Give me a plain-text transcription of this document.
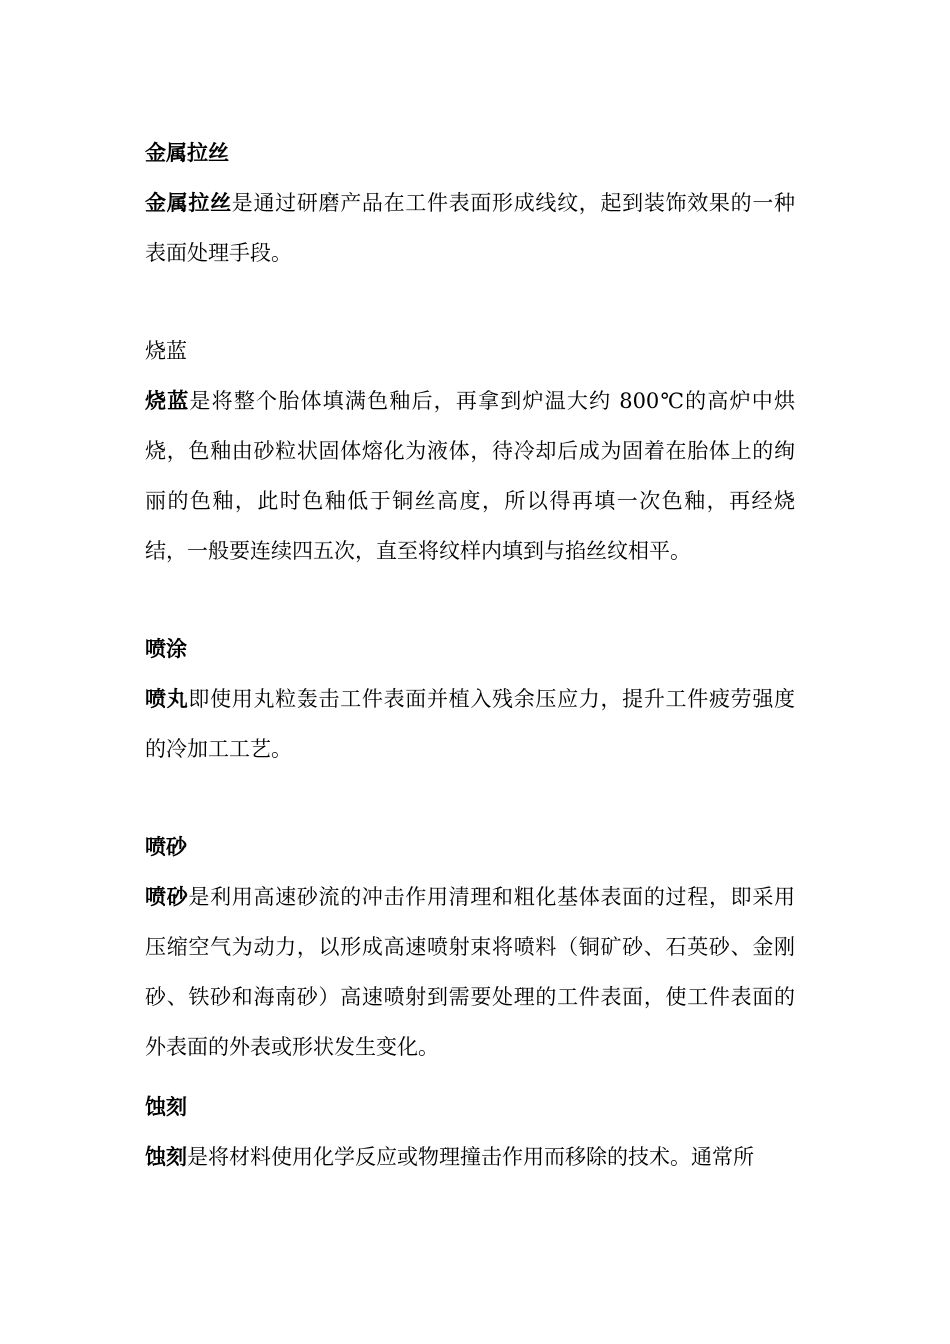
金属拉丝

金属拉丝是通过研磨产品在工件表面形成线纹，起到装饰效果的一种表面处理手段。

烧蓝

烧蓝是将整个胎体填满色釉后，再拿到炉温大约 800℃的高炉中烘烧，色釉由砂粒状固体熔化为液体，待冷却后成为固着在胎体上的绚丽的色釉，此时色釉低于铜丝高度，所以得再填一次色釉，再经烧结，一般要连续四五次，直至将纹样内填到与掐丝纹相平。

喷涂

喷丸即使用丸粒轰击工件表面并植入残余压应力，提升工件疲劳强度的冷加工工艺。

喷砂

喷砂是利用高速砂流的冲击作用清理和粗化基体表面的过程，即采用压缩空气为动力，以形成高速喷射束将喷料（铜矿砂、石英砂、金刚砂、铁砂和海南砂）高速喷射到需要处理的工件表面，使工件表面的外表面的外表或形状发生变化。

蚀刻

蚀刻是将材料使用化学反应或物理撞击作用而移除的技术。通常所
